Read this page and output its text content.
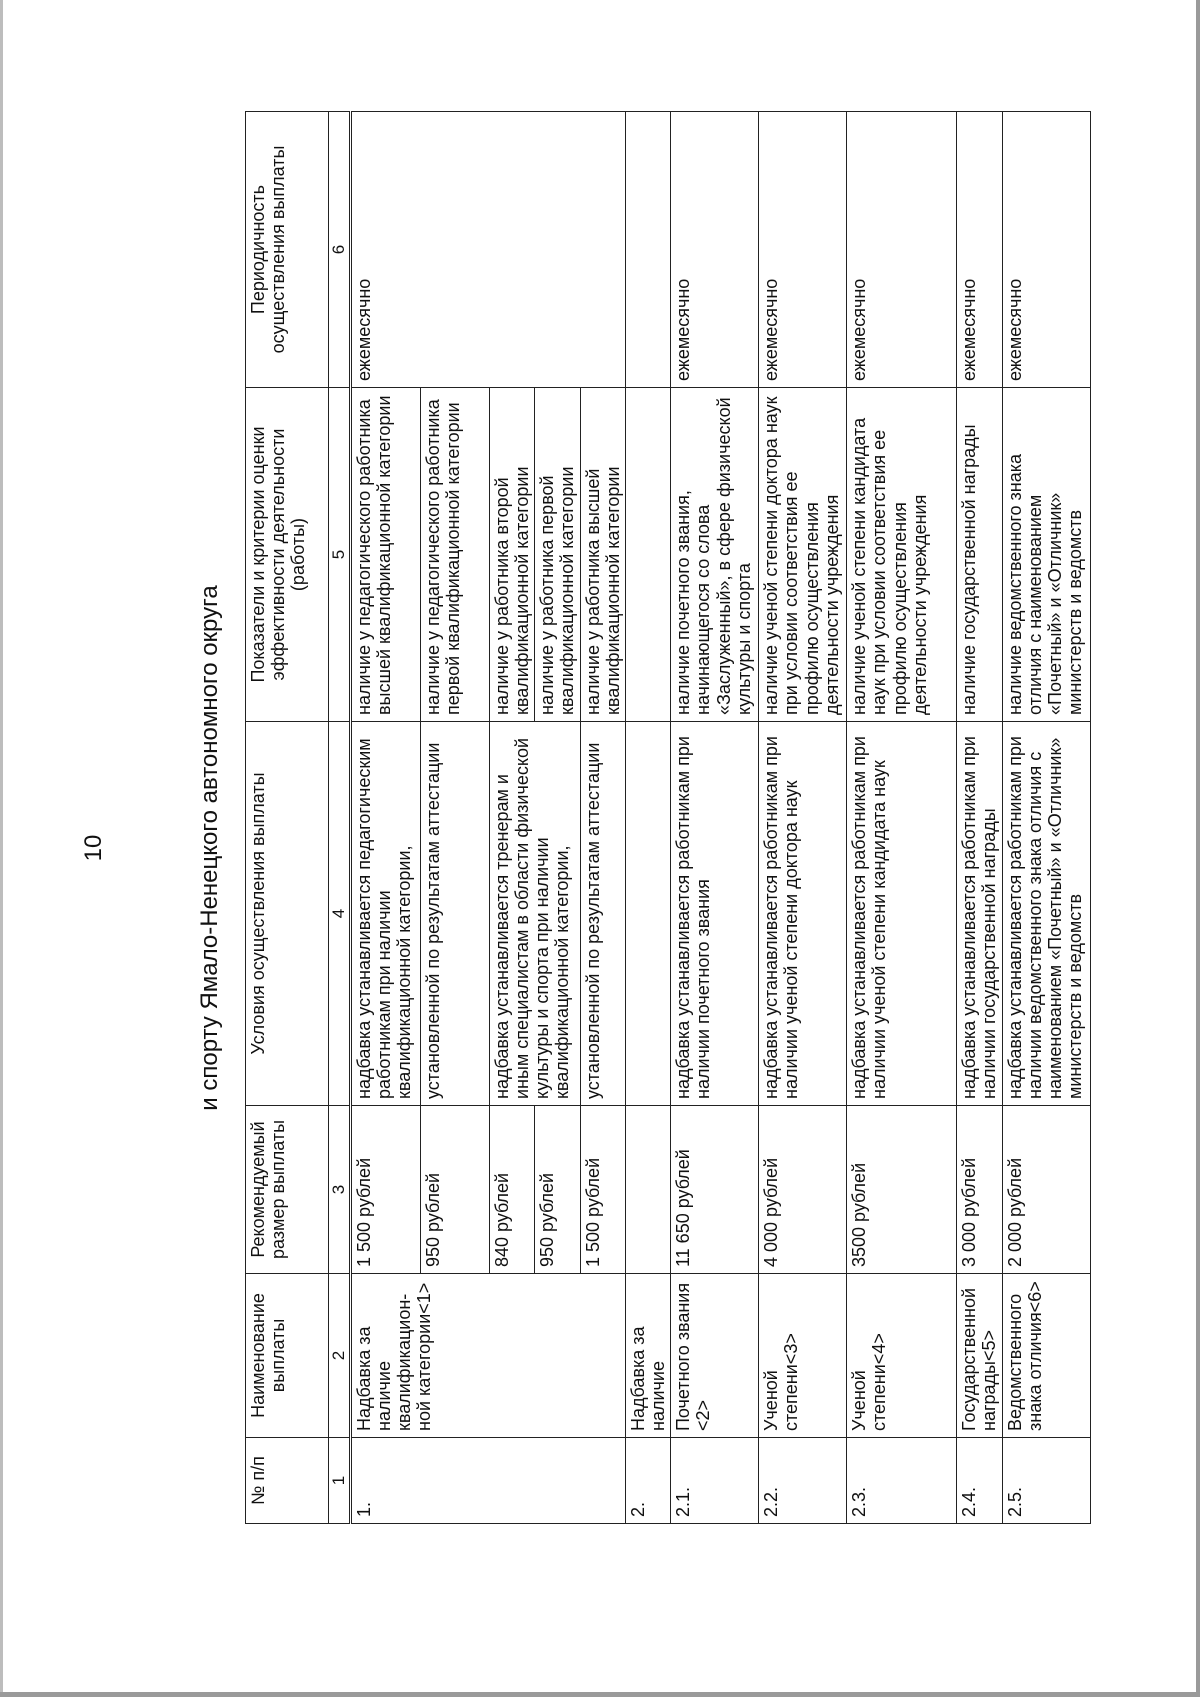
10	и спорту Ямало-Ненецкого автономного округа
№ п/п	Наименование выплаты	Рекомендуемый размер выплаты	Условия осуществления выплаты	Показатели и критерии оценки эффективности деятельности (работы)	Периодичность осуществления выплаты
1	2	3	4	5	6
1.	Надбавка за наличие квалификацион-ной категории<1>	1 500 рублей	надбавка устанавливается педагогическим работникам при наличии квалификационной категории,	наличие у педагогического работника высшей квалификационной категории	ежемесячно
		950 рублей	установленной по результатам аттестации	наличие у педагогического работника первой квалификационной категории	
		840 рублей	надбавка устанавливается тренерам и иным специалистам в области физической культуры и спорта при наличии квалификационной категории,	наличие у работника второй квалификационной категории	
		950 рублей		наличие у работника первой квалификационной категории	
		1 500 рублей	установленной по результатам аттестации	наличие у работника высшей квалификационной категории	
2.	Надбавка за наличие				
2.1.	Почетного звания <2>	11 650 рублей	надбавка устанавливается работникам при наличии почетного звания	наличие почетного звания, начинающегося со слова «Заслуженный», в сфере физической культуры и спорта	ежемесячно
2.2.	Ученой степени<3>	4 000 рублей	надбавка устанавливается работникам при наличии ученой степени доктора наук	наличие ученой степени доктора наук при условии соответствия ее профилю осуществления деятельности учреждения	ежемесячно
2.3.	Ученой степени<4>	3500 рублей	надбавка устанавливается работникам при наличии ученой степени кандидата наук	наличие ученой степени кандидата наук при условии соответствия ее профилю осуществления деятельности учреждения	ежемесячно
2.4.	Государственной награды<5>	3 000 рублей	надбавка устанавливается работникам при наличии государственной награды	наличие государственной награды	ежемесячно
2.5.	Ведомственного знака отличия<6>	2 000 рублей	надбавка устанавливается работникам при наличии ведомственного знака отличия с наименованием «Почетный» и «Отличник» министерств и ведомств	наличие ведомственного знака отличия с наименованием «Почетный» и «Отличник» министерств и ведомств	ежемесячно
